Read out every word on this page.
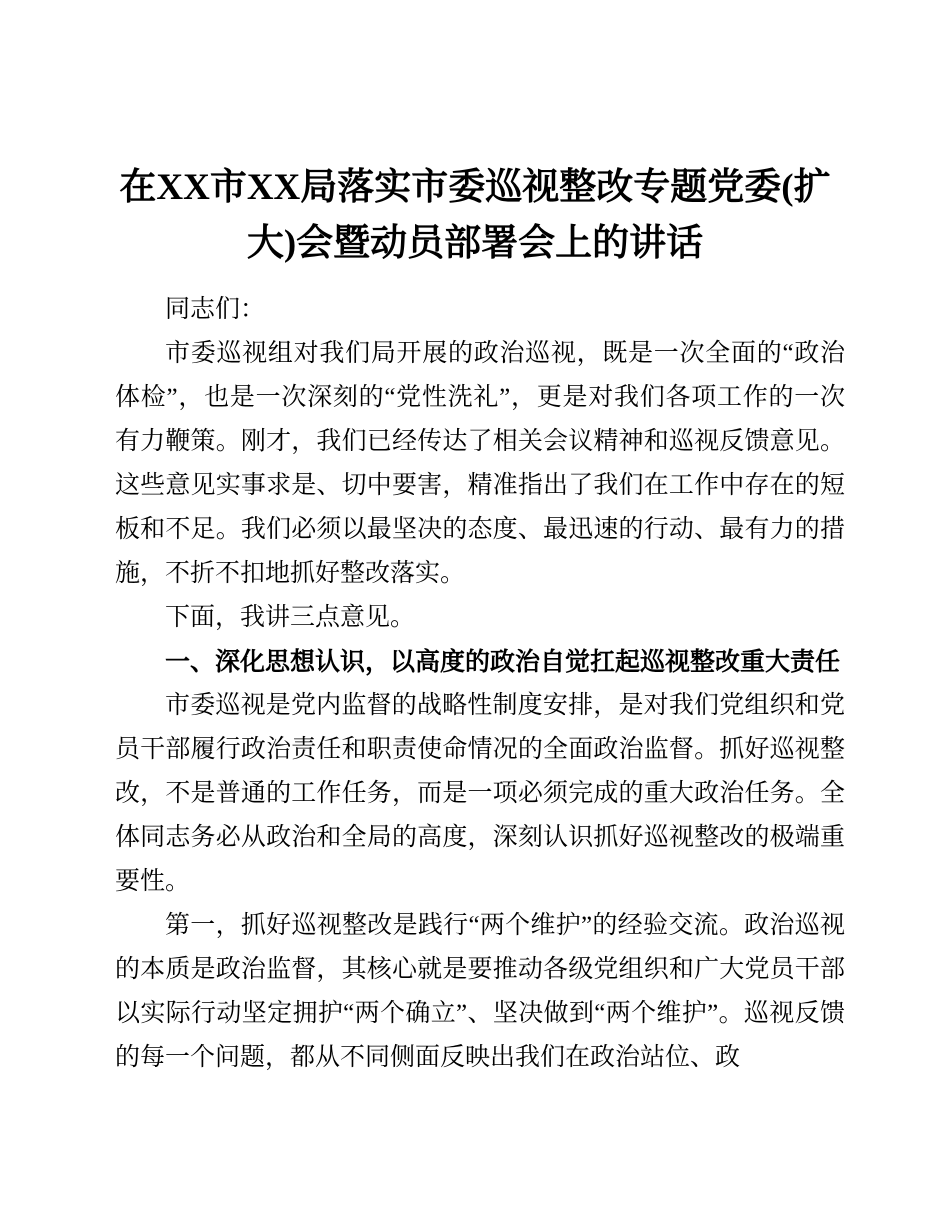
在XX市XX局落实市委巡视整改专题党委(扩
大)会暨动员部署会上的讲话

同志们：

市委巡视组对我们局开展的政治巡视，既是一次全面的“政治体检”，也是一次深刻的“党性洗礼”，更是对我们各项工作的一次有力鞭策。刚才，我们已经传达了相关会议精神和巡视反馈意见。这些意见实事求是、切中要害，精准指出了我们在工作中存在的短板和不足。我们必须以最坚决的态度、最迅速的行动、最有力的措施，不折不扣地抓好整改落实。

下面，我讲三点意见。

一、深化思想认识，以高度的政治自觉扛起巡视整改重大责任

市委巡视是党内监督的战略性制度安排，是对我们党组织和党员干部履行政治责任和职责使命情况的全面政治监督。抓好巡视整改，不是普通的工作任务，而是一项必须完成的重大政治任务。全体同志务必从政治和全局的高度，深刻认识抓好巡视整改的极端重要性。

第一，抓好巡视整改是践行“两个维护”的经验交流。政治巡视的本质是政治监督，其核心就是要推动各级党组织和广大党员干部以实际行动坚定拥护“两个确立”、坚决做到“两个维护”。巡视反馈的每一个问题，都从不同侧面反映出我们在政治站位、政
